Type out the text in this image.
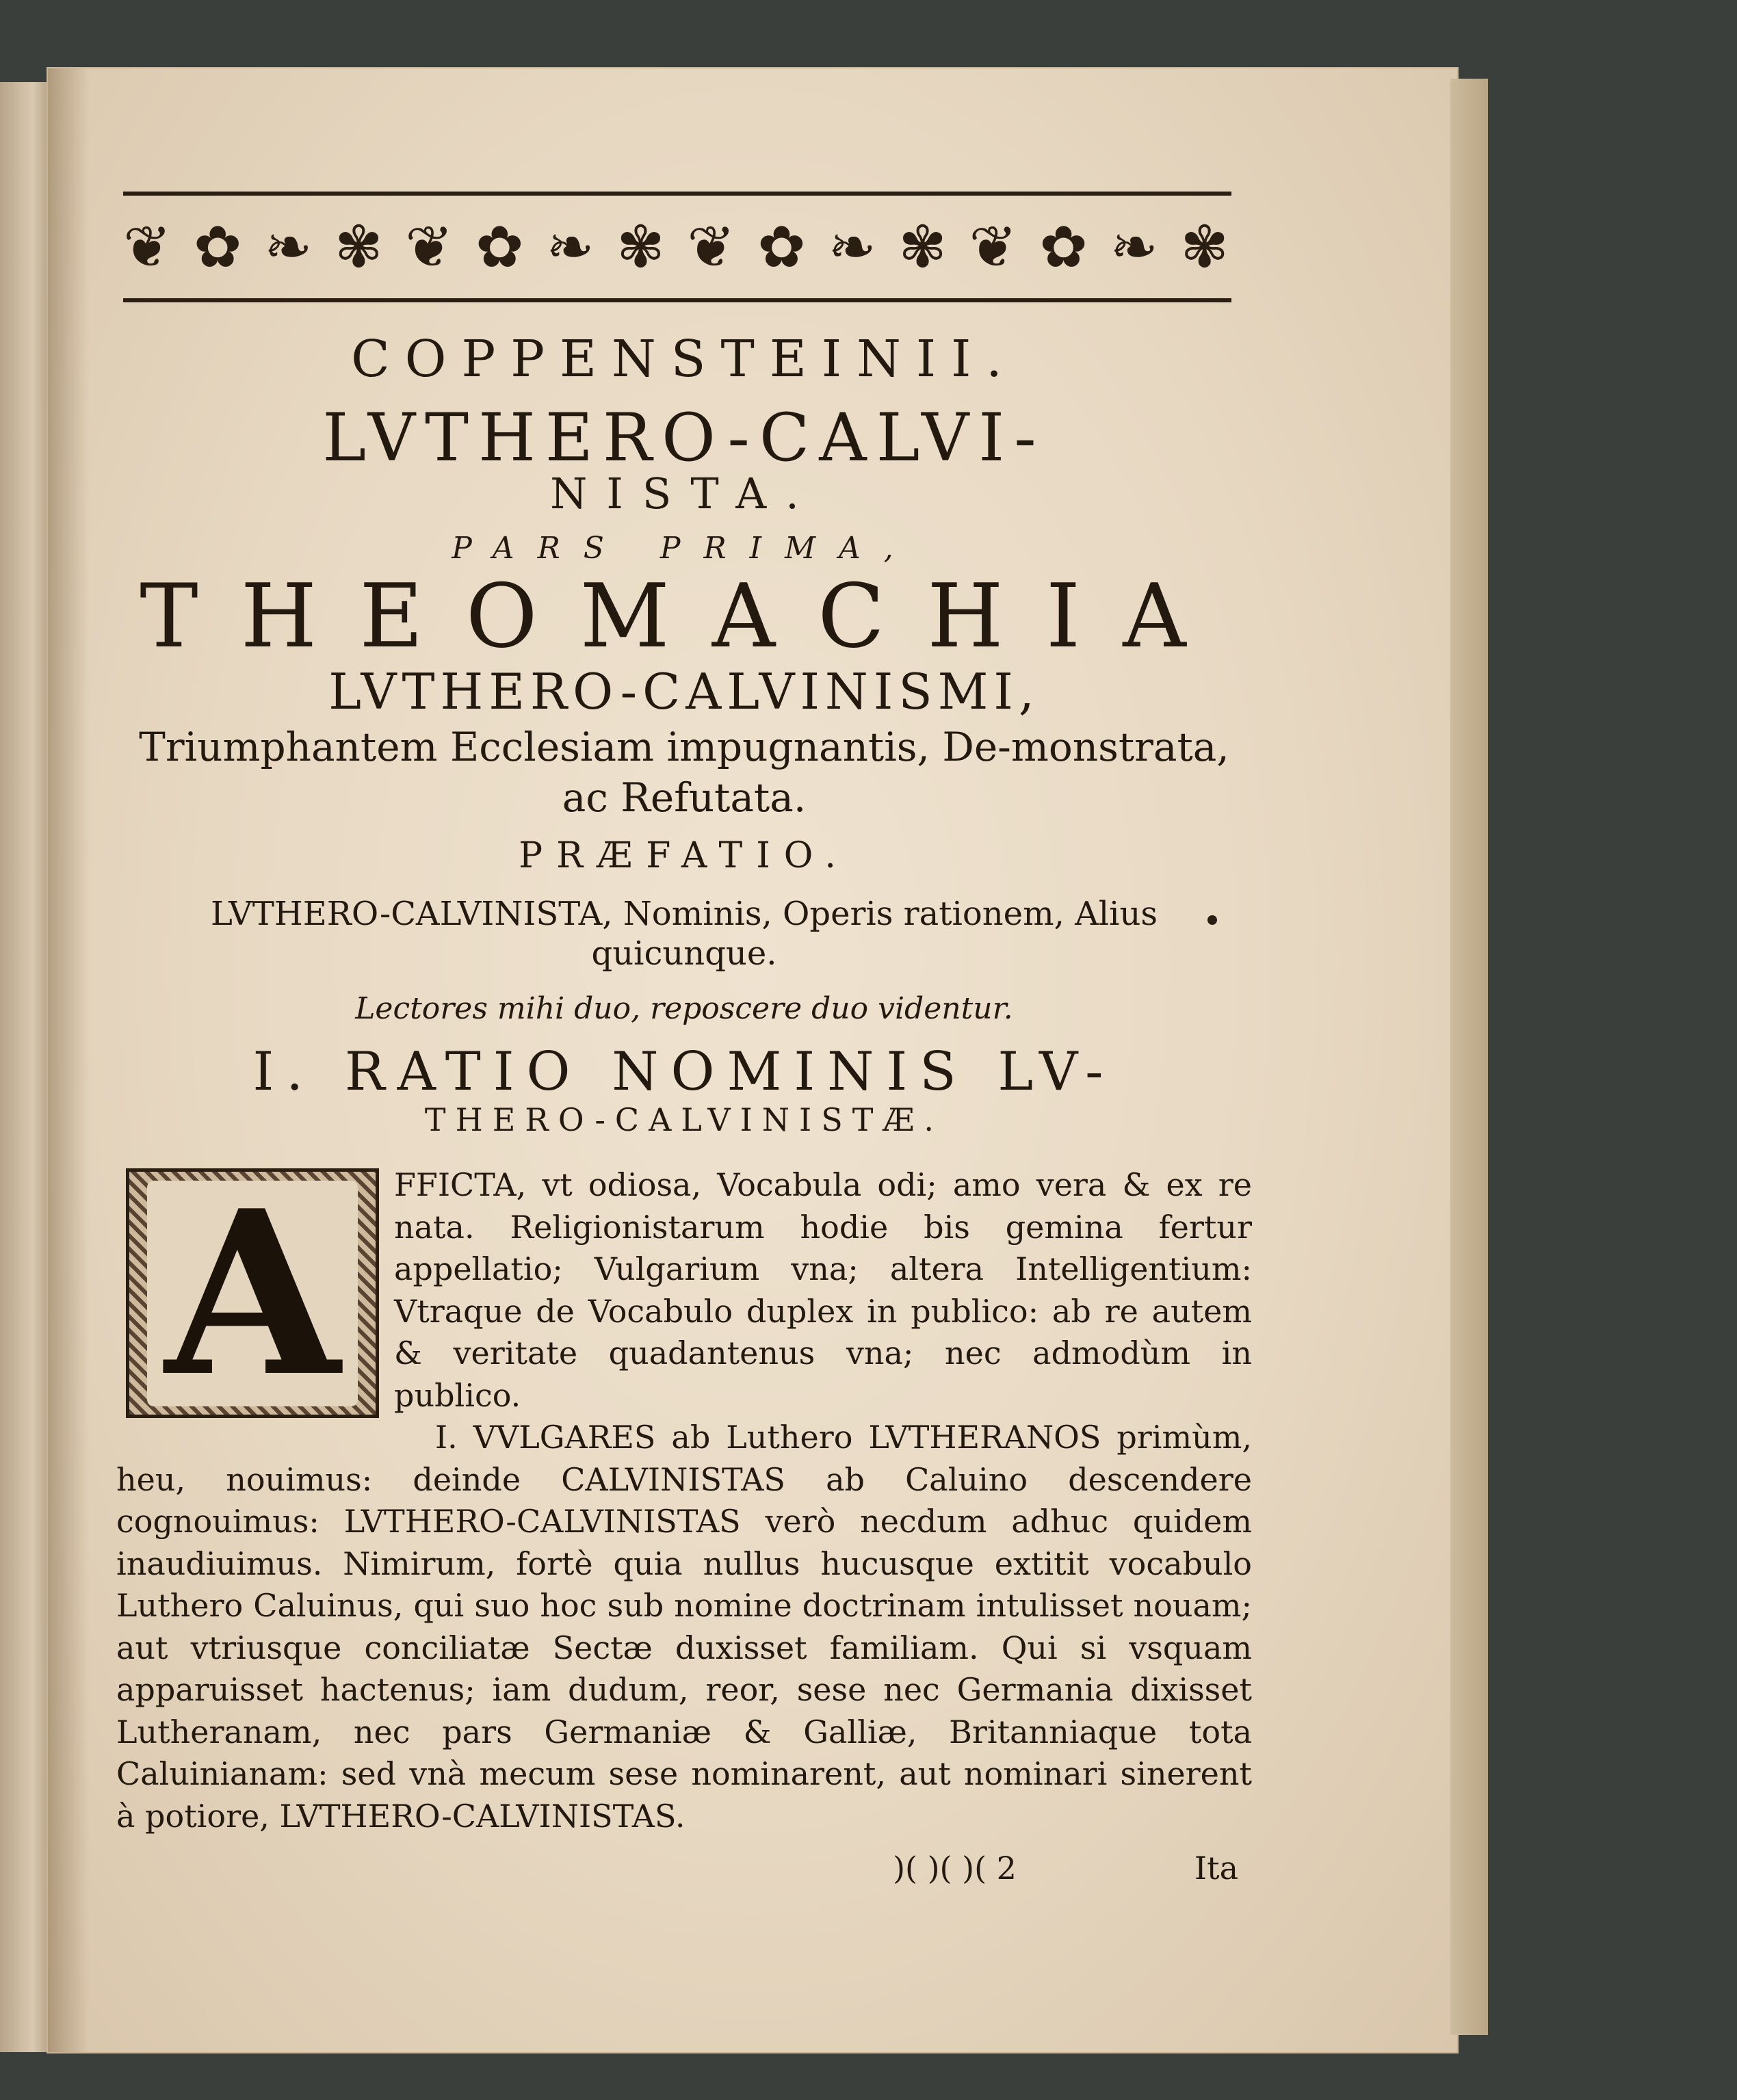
❦ ✿ ❧ ✾ ❦ ✿ ❧ ✾ ❦ ✿ ❧ ✾ ❦ ✿ ❧ ✾
COPPENSTEINII.
LVTHERO-CALVI-
NISTA.
PARS PRIMA,
THEOMACHIA
LVTHERO-CALVINISMI,
Triumphantem Ecclesiam impugnantis, De-monstrata, ac Refutata.
PRÆFATIO.
LVTHERO-CALVINISTA, Nominis, Operis rationem, Alius quicunque.
Lectores mihi duo, reposcere duo videntur.
I. RATIO NOMINIS LV-
THERO-CALVINISTÆ.
A	FFICTA, vt odiosa, Vocabula odi; amo vera & ex re nata. Religionistarum hodie bis gemina fertur appellatio; Vulgarium vna; altera Intelligentium: Vtraque de Vocabulo duplex in publico: ab re autem & veritate quadantenus vna; nec admodùm in publico.

I. VVLGARES ab Luthero LVTHERANOS primùm, heu, nouimus: deinde CALVINISTAS ab Caluino descendere cognouimus: LVTHERO-CALVINISTAS verò necdum adhuc quidem inaudiuimus. Nimirum, fortè quia nullus hucusque extitit vocabulo Luthero Caluinus, qui suo hoc sub nomine doctrinam intulisset nouam; aut vtriusque conciliatæ Sectæ duxisset familiam. Qui si vsquam apparuisset hactenus; iam dudum, reor, sese nec Germania dixisset Lutheranam, nec pars Germaniæ & Galliæ, Britanniaque tota Caluinianam: sed vnà mecum sese nominarent, aut nominari sinerent à potiore, LVTHERO-CALVINISTAS.

)( )( )( 2	Ita
